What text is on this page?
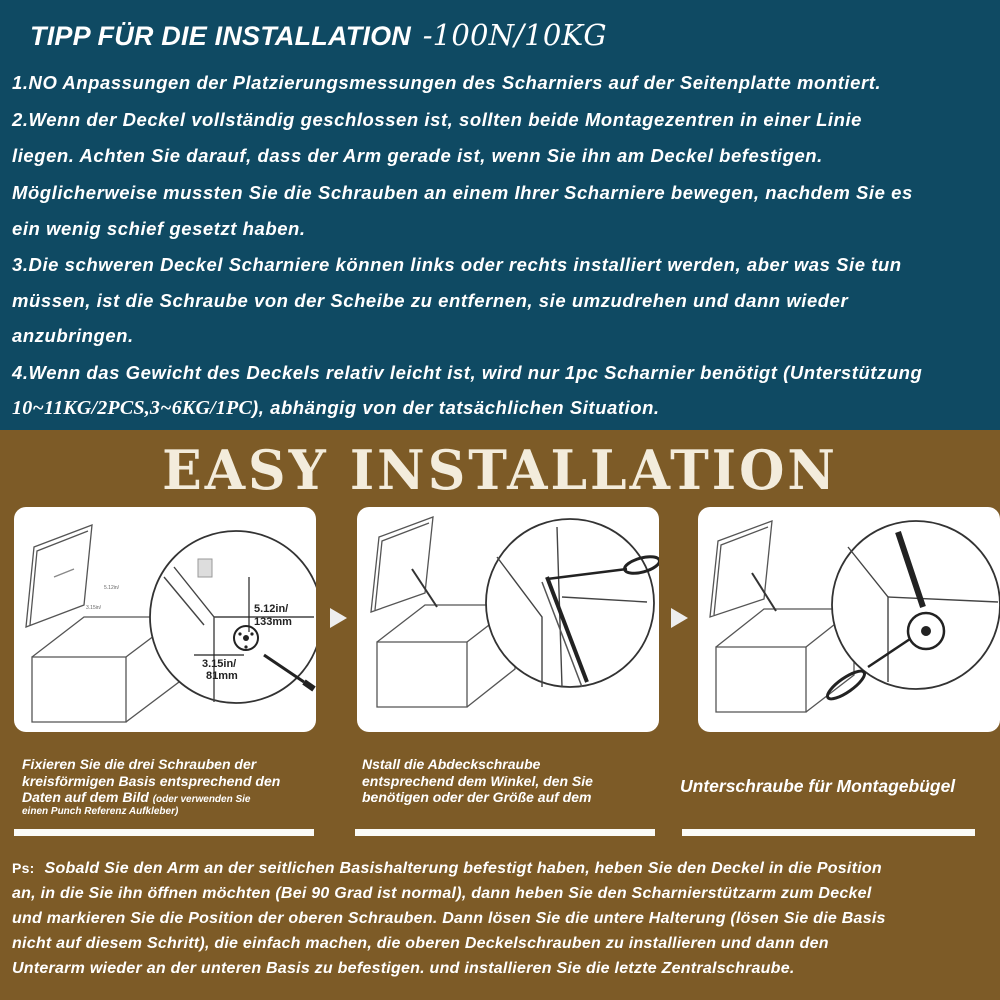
TIPP FÜR DIE INSTALLATION -100N/10KG
1.NO Anpassungen der Platzierungsmessungen des Scharniers auf der Seitenplatte montiert.
2.Wenn der Deckel vollständig geschlossen ist, sollten beide Montagezentren in einer Linie
liegen. Achten Sie darauf, dass der Arm gerade ist, wenn Sie ihn am Deckel befestigen.
Möglicherweise mussten Sie die Schrauben an einem Ihrer Scharniere bewegen, nachdem Sie es
ein wenig schief gesetzt haben.
3.Die schweren Deckel Scharniere können links oder rechts installiert werden, aber was Sie tun
müssen, ist die Schraube von der Scheibe zu entfernen, sie umzudrehen und dann wieder
anzubringen.
4.Wenn das Gewicht des Deckels relativ leicht ist, wird nur 1pc Scharnier benötigt (Unterstützung
10~11KG/2PCS,3~6KG/1PC), abhängig von der tatsächlichen Situation.
EASY INSTALLATION
5.12in/
3.15in/	5.12in/
133mm
3.15in/
81mm
Fixieren Sie die drei Schrauben der
kreisförmigen Basis entsprechend den
Daten auf dem Bild (oder verwenden Sie
einen Punch Referenz Aufkleber)
Nstall die Abdeckschraube
entsprechend dem Winkel, den Sie
benötigen oder der Größe auf dem
Unterschraube für Montagebügel
Ps: Sobald Sie den Arm an der seitlichen Basishalterung befestigt haben, heben Sie den Deckel in die Position
an, in die Sie ihn öffnen möchten (Bei 90 Grad ist normal), dann heben Sie den Scharnierstützarm zum Deckel
und markieren Sie die Position der oberen Schrauben. Dann lösen Sie die untere Halterung (lösen Sie die Basis
nicht auf diesem Schritt), die einfach machen, die oberen Deckelschrauben zu installieren und dann den
Unterarm wieder an der unteren Basis zu befestigen. und installieren Sie die letzte Zentralschraube.
